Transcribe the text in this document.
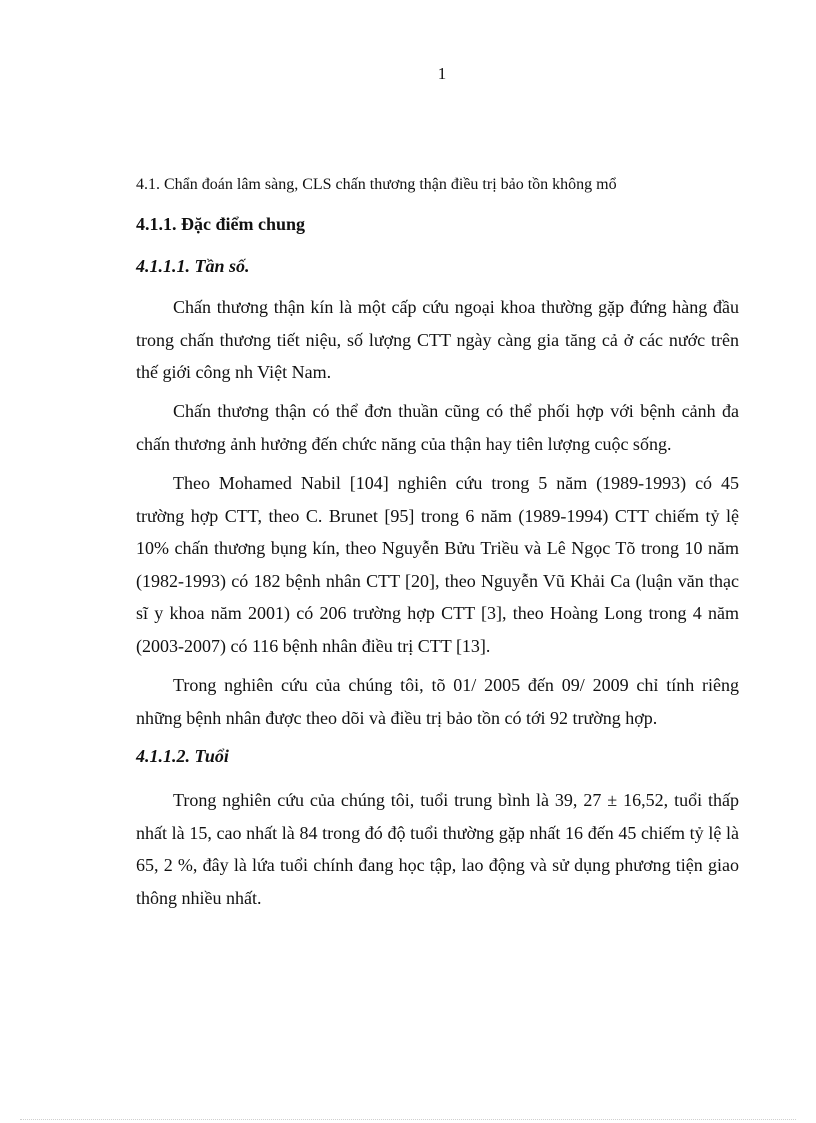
1
4.1. Chẩn đoán lâm sàng, CLS chấn thương thận điều trị bảo tồn không mổ
4.1.1. Đặc điểm chung
4.1.1.1. Tần số.
Chấn thương thận kín là một cấp cứu ngoại khoa thường gặp đứng hàng đầu trong chấn thương tiết niệu, số lượng CTT ngày càng gia tăng cả ở các nước trên thế giới công nh Việt Nam.
Chấn thương thận có thể đơn thuần cũng có thể phối hợp với bệnh cảnh đa chấn thương ảnh hưởng đến chức năng của thận hay tiên lượng cuộc sống.
Theo Mohamed Nabil [104] nghiên cứu trong 5 năm (1989-1993) có 45 trường hợp CTT, theo C. Brunet [95] trong 6 năm (1989-1994) CTT chiếm tỷ lệ 10% chấn thương bụng kín, theo Nguyễn Bửu Triều và Lê Ngọc Tõ trong 10 năm (1982-1993) có 182 bệnh nhân CTT [20], theo Nguyễn Vũ Khải Ca (luận văn thạc sĩ y khoa năm 2001) có 206 trường hợp CTT [3], theo Hoàng Long trong 4 năm (2003-2007) có 116 bệnh nhân điều trị CTT [13].
Trong nghiên cứu của chúng tôi, tõ 01/ 2005 đến 09/ 2009 chỉ tính riêng những bệnh nhân được theo dõi và điều trị bảo tồn có tới 92 trường hợp.
4.1.1.2. Tuổi
Trong nghiên cứu của chúng tôi, tuổi trung bình là 39, 27 ± 16,52, tuổi thấp nhất là 15, cao nhất là 84 trong đó độ tuổi thường gặp nhất 16 đến 45 chiếm tỷ lệ là 65, 2 %, đây là lứa tuổi chính đang học tập, lao động và sử dụng phương tiện giao thông nhiều nhất.
